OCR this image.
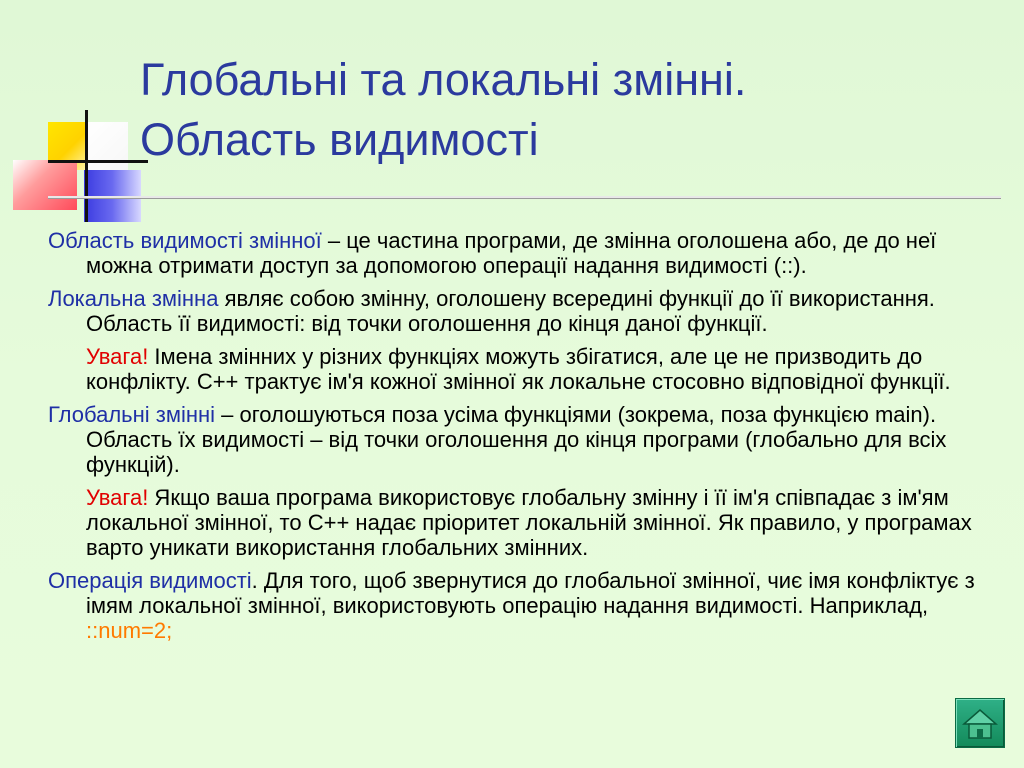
Глобальні та локальні змінні.
Область видимості
Область видимості змінної – це частина програми, де змінна оголошена або, де до неї можна отримати доступ за допомогою операції надання видимості (::).
Локальна змінна являє собою змінну, оголошену всередині функції до її використання. Область її видимості: від точки оголошення до кінця даної функції.
Увага! Імена змінних у різних функціях можуть збігатися, але це не призводить до конфлікту. С++ трактує ім'я кожної змінної як локальне стосовно відповідної функції.
Глобальні змінні – оголошуються поза усіма функціями (зокрема, поза функцією main). Область їх видимості – від точки оголошення до кінця програми (глобально для всіх функцій).
Увага! Якщо ваша програма використовує глобальну змінну і її ім'я співпадає з ім'ям локальної змінної, то С++ надає пріоритет локальній змінної. Як правило, у програмах варто уникати використання глобальних змінних.
Операція видимості. Для того, щоб звернутися до глобальної змінної, чиє імя конфліктує з імям локальної змінної, використовують операцію надання видимості. Наприклад, ::num=2;
